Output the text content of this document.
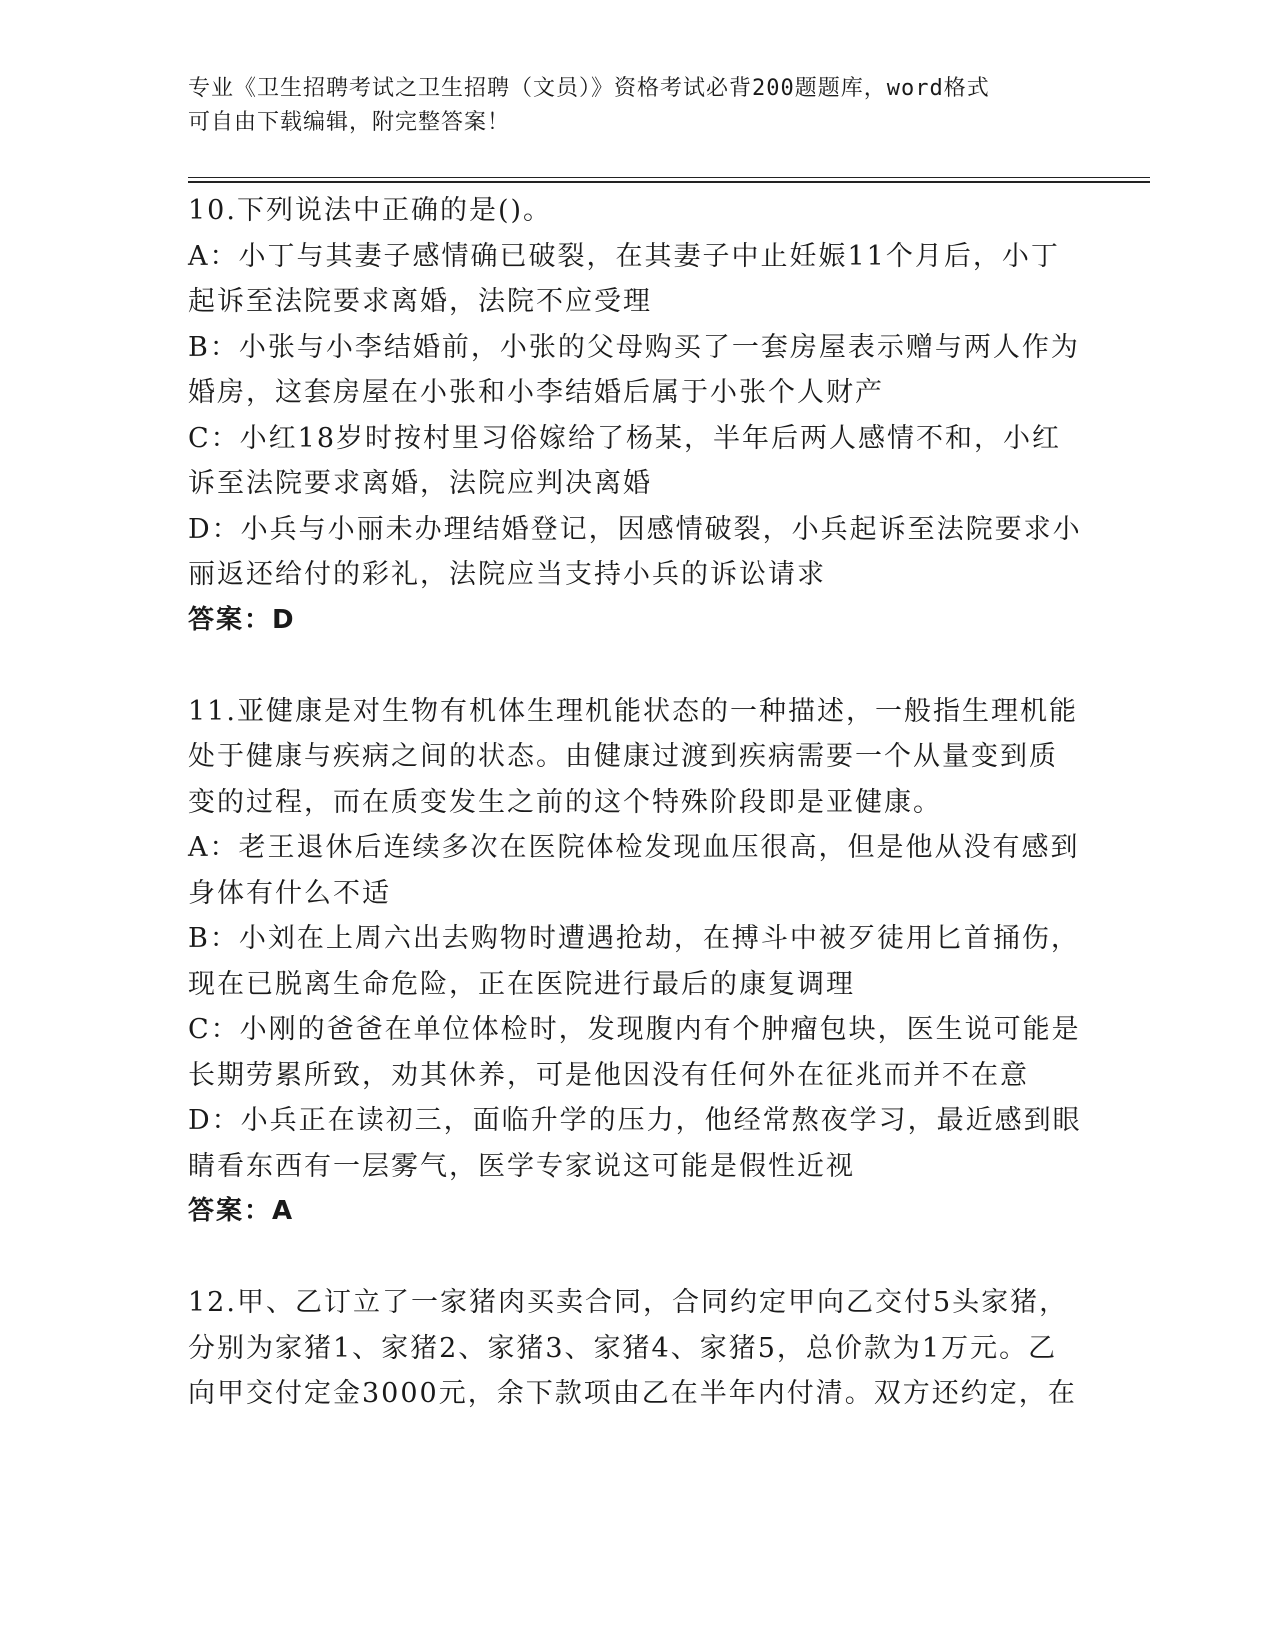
专业《卫生招聘考试之卫生招聘（文员）》资格考试必背200题题库，word格式
可自由下载编辑，附完整答案！
10.下列说法中正确的是()。
A：小丁与其妻子感情确已破裂，在其妻子中止妊娠11个月后，小丁
起诉至法院要求离婚，法院不应受理
B：小张与小李结婚前，小张的父母购买了一套房屋表示赠与两人作为
婚房，这套房屋在小张和小李结婚后属于小张个人财产
C：小红18岁时按村里习俗嫁给了杨某，半年后两人感情不和，小红
诉至法院要求离婚，法院应判决离婚
D：小兵与小丽未办理结婚登记，因感情破裂，小兵起诉至法院要求小
丽返还给付的彩礼，法院应当支持小兵的诉讼请求
答案：D
11.亚健康是对生物有机体生理机能状态的一种描述，一般指生理机能
处于健康与疾病之间的状态。由健康过渡到疾病需要一个从量变到质
变的过程，而在质变发生之前的这个特殊阶段即是亚健康。
A：老王退休后连续多次在医院体检发现血压很高，但是他从没有感到
身体有什么不适
B：小刘在上周六出去购物时遭遇抢劫，在搏斗中被歹徒用匕首捅伤，
现在已脱离生命危险，正在医院进行最后的康复调理
C：小刚的爸爸在单位体检时，发现腹内有个肿瘤包块，医生说可能是
长期劳累所致，劝其休养，可是他因没有任何外在征兆而并不在意
D：小兵正在读初三，面临升学的压力，他经常熬夜学习，最近感到眼
睛看东西有一层雾气，医学专家说这可能是假性近视
答案：A
12.甲、乙订立了一家猪肉买卖合同，合同约定甲向乙交付5头家猪，
分别为家猪1、家猪2、家猪3、家猪4、家猪5，总价款为1万元。乙
向甲交付定金3000元，余下款项由乙在半年内付清。双方还约定，在
